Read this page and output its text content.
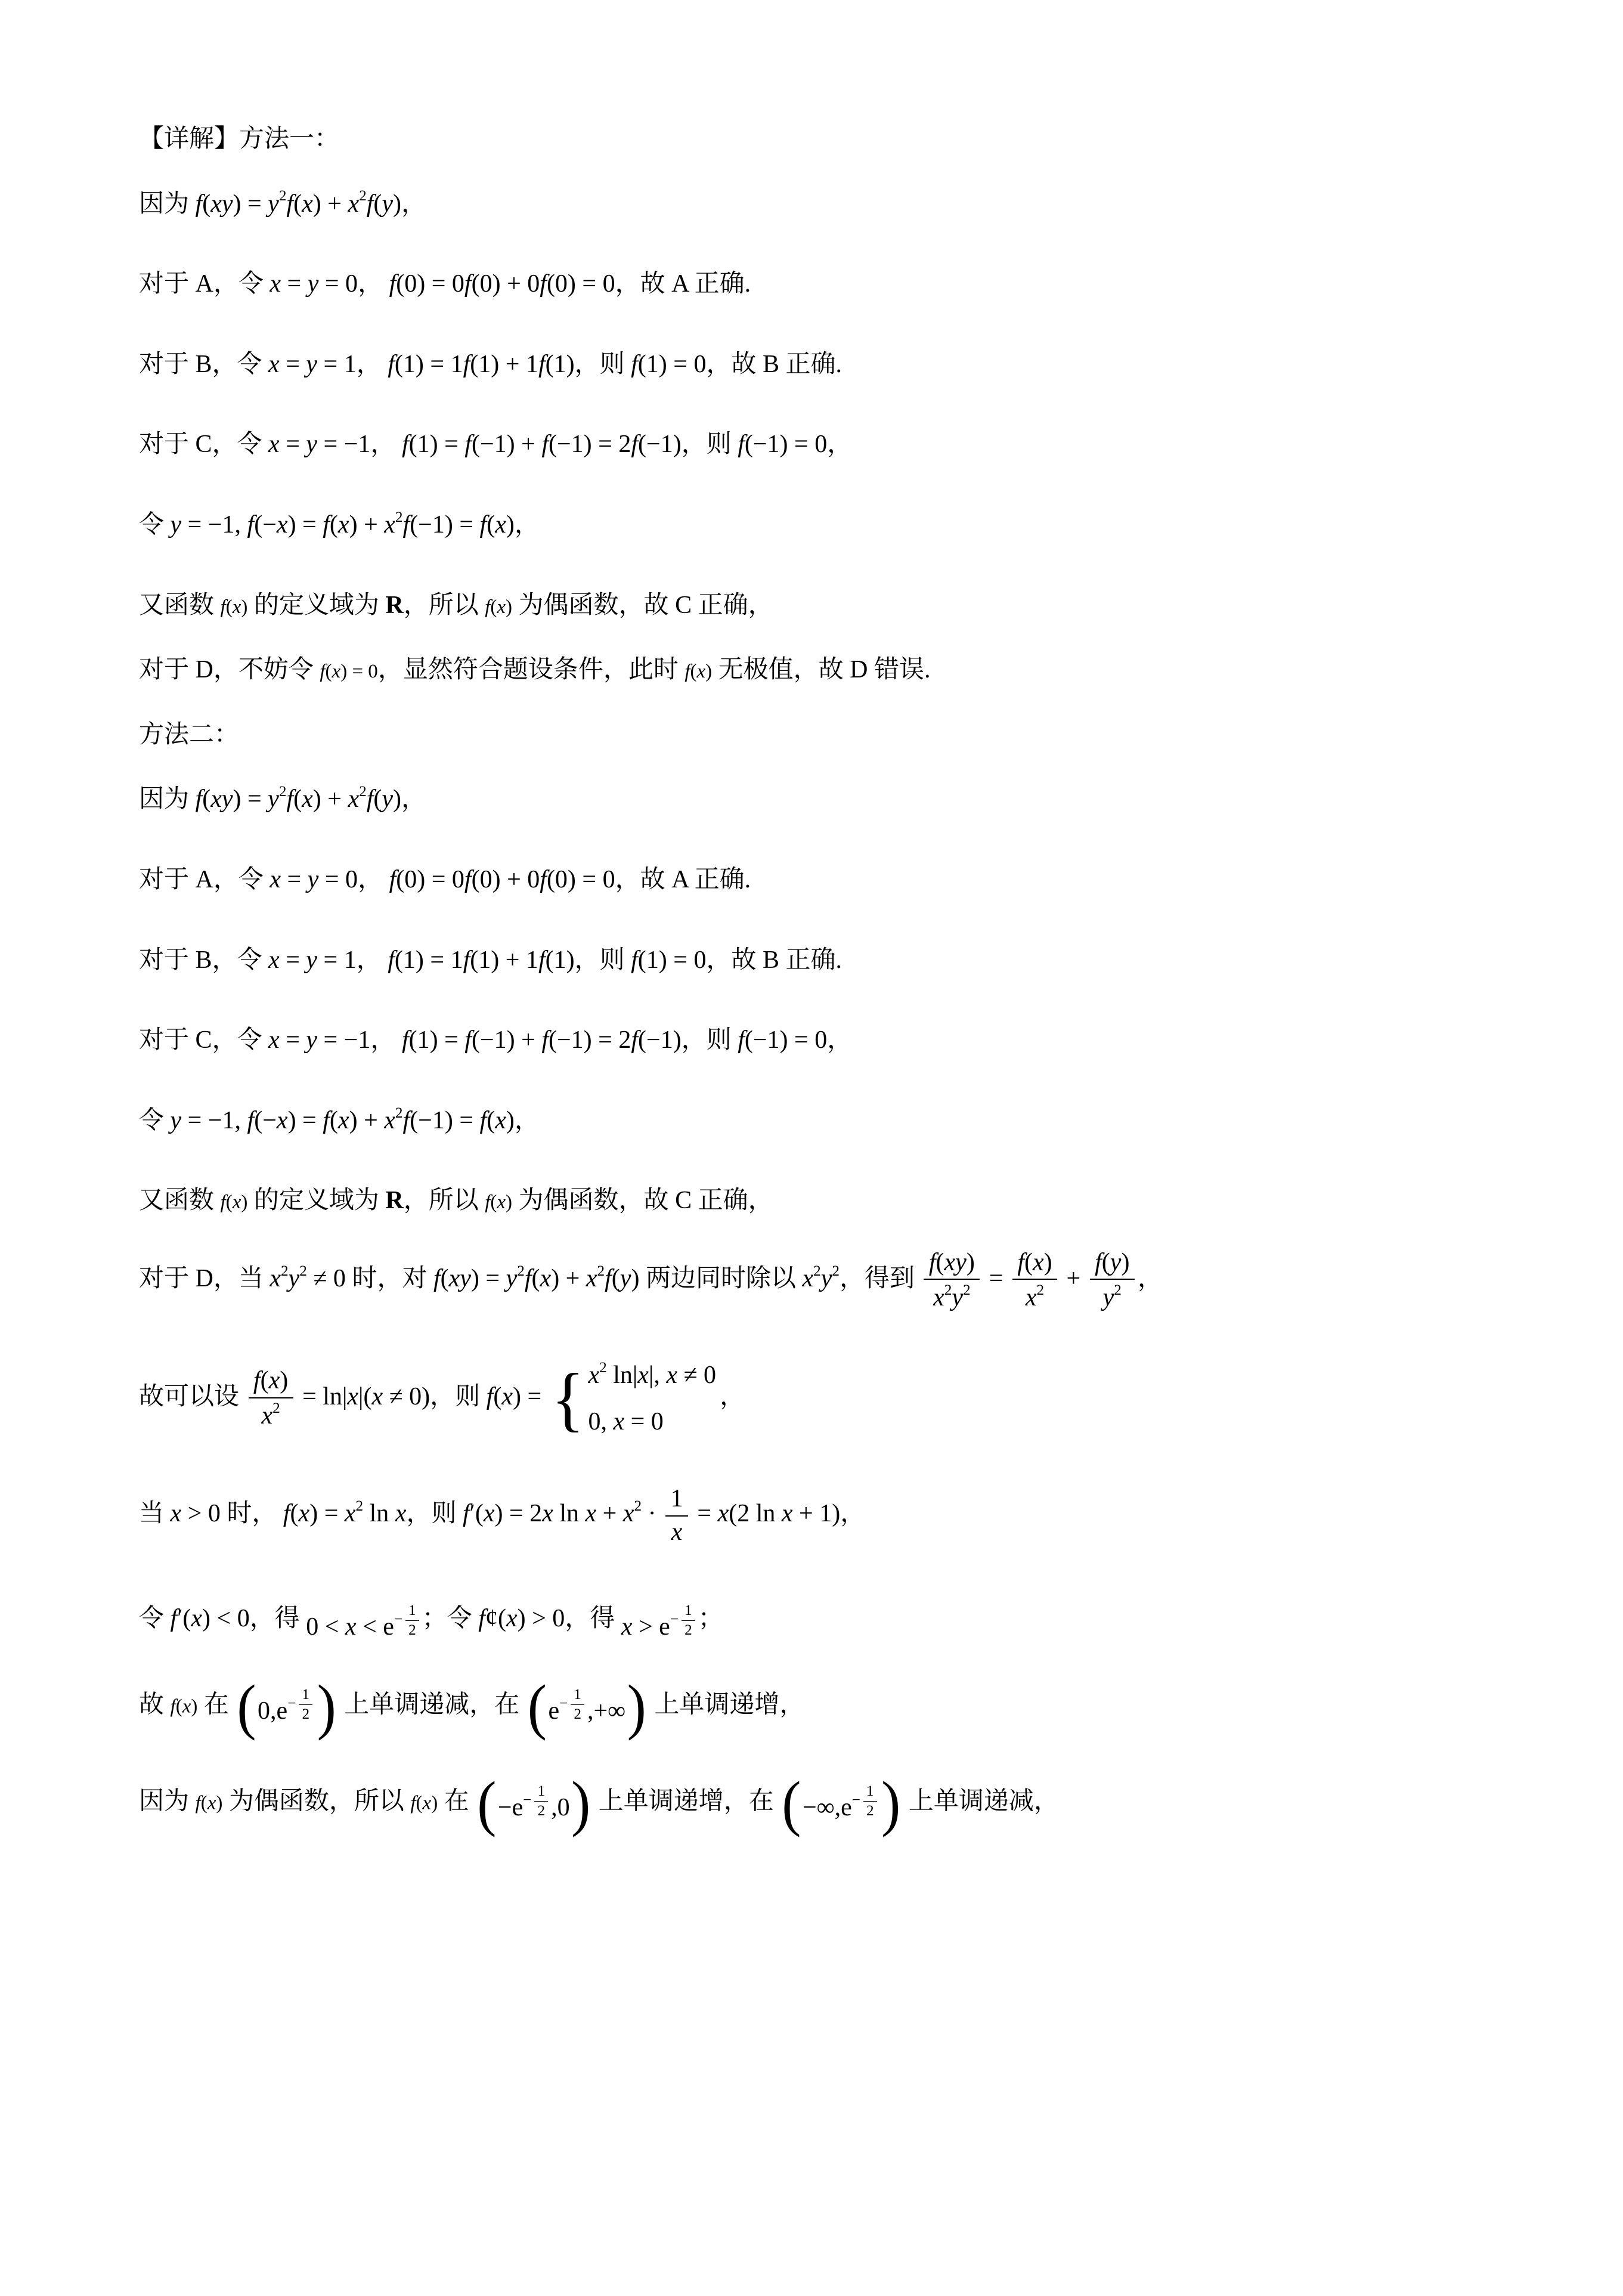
【详解】方法一：

因为 f(xy) = y2f(x) + x2f(y)，

对于 A，令 x = y = 0， f(0) = 0f(0) + 0f(0) = 0，故 A 正确.

对于 B，令 x = y = 1， f(1) = 1f(1) + 1f(1)，则 f(1) = 0，故 B 正确.

对于 C，令 x = y = −1， f(1) = f(−1) + f(−1) = 2f(−1)，则 f(−1) = 0，

令 y = −1, f(−x) = f(x) + x2f(−1) = f(x)，

又函数 f(x) 的定义域为 R，所以 f(x) 为偶函数，故 C 正确，

对于 D，不妨令 f(x) = 0，显然符合题设条件，此时 f(x) 无极值，故 D 错误.

方法二：

因为 f(xy) = y2f(x) + x2f(y)，

对于 A，令 x = y = 0， f(0) = 0f(0) + 0f(0) = 0，故 A 正确.

对于 B，令 x = y = 1， f(1) = 1f(1) + 1f(1)，则 f(1) = 0，故 B 正确.

对于 C，令 x = y = −1， f(1) = f(−1) + f(−1) = 2f(−1)，则 f(−1) = 0，

令 y = −1, f(−x) = f(x) + x2f(−1) = f(x)，

又函数 f(x) 的定义域为 R，所以 f(x) 为偶函数，故 C 正确，

对于 D，当 x2y2 ≠ 0 时，对 f(xy) = y2f(x) + x2f(y) 两边同时除以 x2y2，得到 $\frac{f(xy)}{x2y2} = \frac{f(x)}{x2} + \frac{f(y)}{y2}$ ，

故可以设 $\frac{f(x)}{x2} = \ln|x|(x \ne 0)$，则 f(x) = { x2 ln|x|, x ≠ 0
0, x = 0
，

当 x > 0 时， f(x) = x2 ln x，则 f′(x) = 2x $\ln x + x2 \cdot \frac{1}{x} = x(2$ ln x + 1)，

令 f′(x) < 0，得 $0 < x < e- \frac{1}{2}$ ；令 f¢(x) > 0，得 $x > e- \frac{1}{2}$ ；

故 f(x) 在 ( $0,e- \frac{1}{2}$ ) 上单调递减，在 ( $e- \frac{1}{2}$ ,+∞ ) 上单调递增，

因为 f(x) 为偶函数，所以 f(x) 在 ( $-e- \frac{1}{2} ,0$ ) 上单调递增，在 ( $-\infty,e- \frac{1}{2}$ ) 上单调递减，
